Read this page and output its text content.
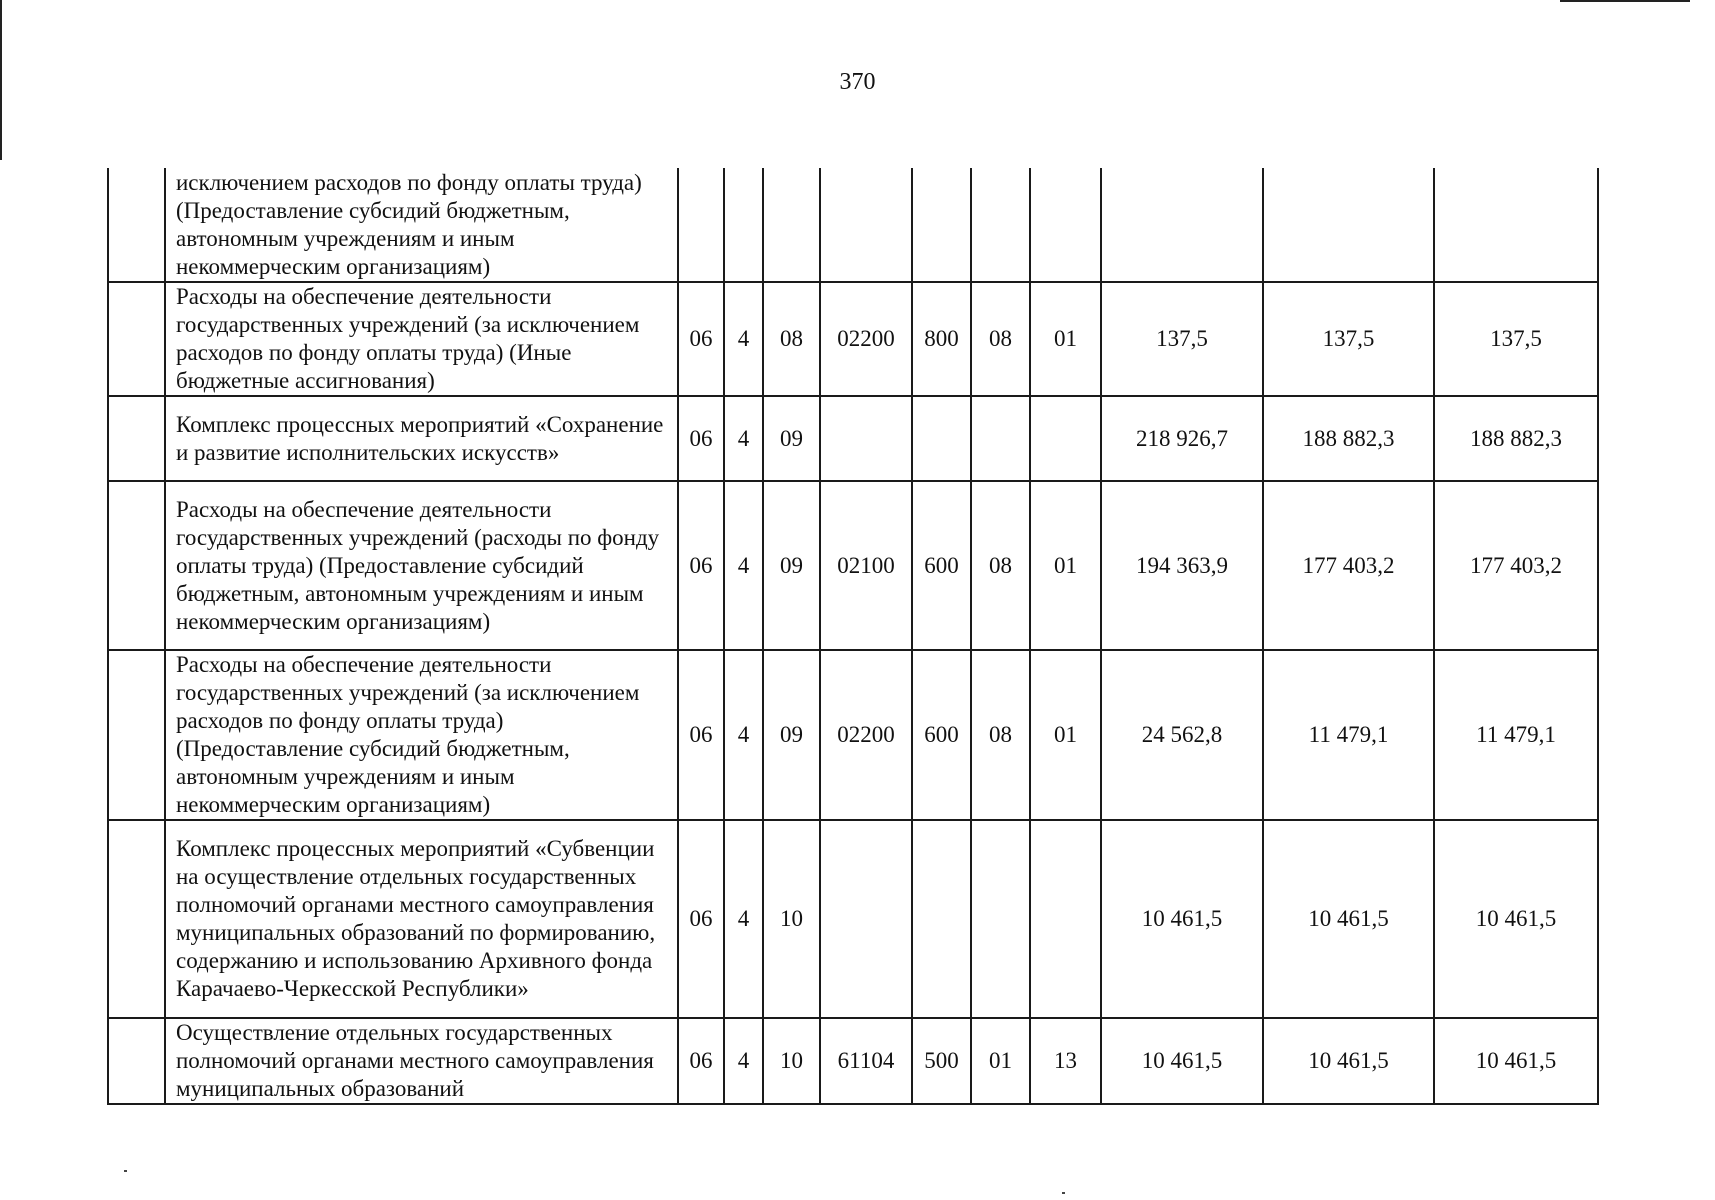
370
	исключением расходов по фонду оплаты труда) (Предоставление субсидий бюджетным, автономным учреждениям и иным некоммерческим организациям)										
	Расходы на обеспечение деятельности государственных учреждений (за исключением расходов по фонду оплаты труда) (Иные бюджетные ассигнования)	06	4	08	02200	800	08	01	137,5	137,5	137,5
	Комплекс процессных мероприятий «Сохранение и развитие исполнительских искусств»	06	4	09					218 926,7	188 882,3	188 882,3
	Расходы на обеспечение деятельности государственных учреждений (расходы по фонду оплаты труда) (Предоставление субсидий бюджетным, автономным учреждениям и иным некоммерческим организациям)	06	4	09	02100	600	08	01	194 363,9	177 403,2	177 403,2
	Расходы на обеспечение деятельности государственных учреждений (за исключением расходов по фонду оплаты труда) (Предоставление субсидий бюджетным, автономным учреждениям и иным некоммерческим организациям)	06	4	09	02200	600	08	01	24 562,8	11 479,1	11 479,1
	Комплекс процессных мероприятий «Субвенции на осуществление отдельных государственных полномочий органами местного самоуправления муниципальных образований по формированию, содержанию и использованию Архивного фонда Карачаево-Черкесской Республики»	06	4	10					10 461,5	10 461,5	10 461,5
	Осуществление отдельных государственных полномочий органами местного самоуправления муниципальных образований	06	4	10	61104	500	01	13	10 461,5	10 461,5	10 461,5
